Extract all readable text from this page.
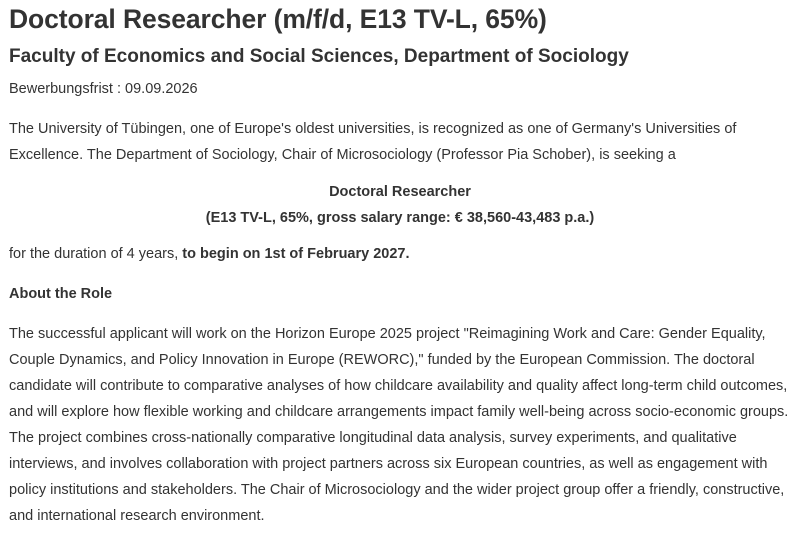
Doctoral Researcher (m/f/d, E13 TV-L, 65%)
Faculty of Economics and Social Sciences, Department of Sociology

Bewerbungsfrist : 09.09.2026

The University of Tübingen, one of Europe's oldest universities, is recognized as one of Germany's Universities of Excellence. The Department of Sociology, Chair of Microsociology (Professor Pia Schober), is seeking a

Doctoral Researcher
(E13 TV-L, 65%, gross salary range: € 38,560-43,483 p.a.)

for the duration of 4 years, to begin on 1st of February 2027.

About the Role

The successful applicant will work on the Horizon Europe 2025 project "Reimagining Work and Care: Gender Equality, Couple Dynamics, and Policy Innovation in Europe (REWORC)," funded by the European Commission. The doctoral candidate will contribute to comparative analyses of how childcare availability and quality affect long-term child outcomes, and will explore how flexible working and childcare arrangements impact family well-being across socio-economic groups. The project combines cross-nationally comparative longitudinal data analysis, survey experiments, and qualitative interviews, and involves collaboration with project partners across six European countries, as well as engagement with policy institutions and stakeholders. The Chair of Microsociology and the wider project group offer a friendly, constructive, and international research environment.
